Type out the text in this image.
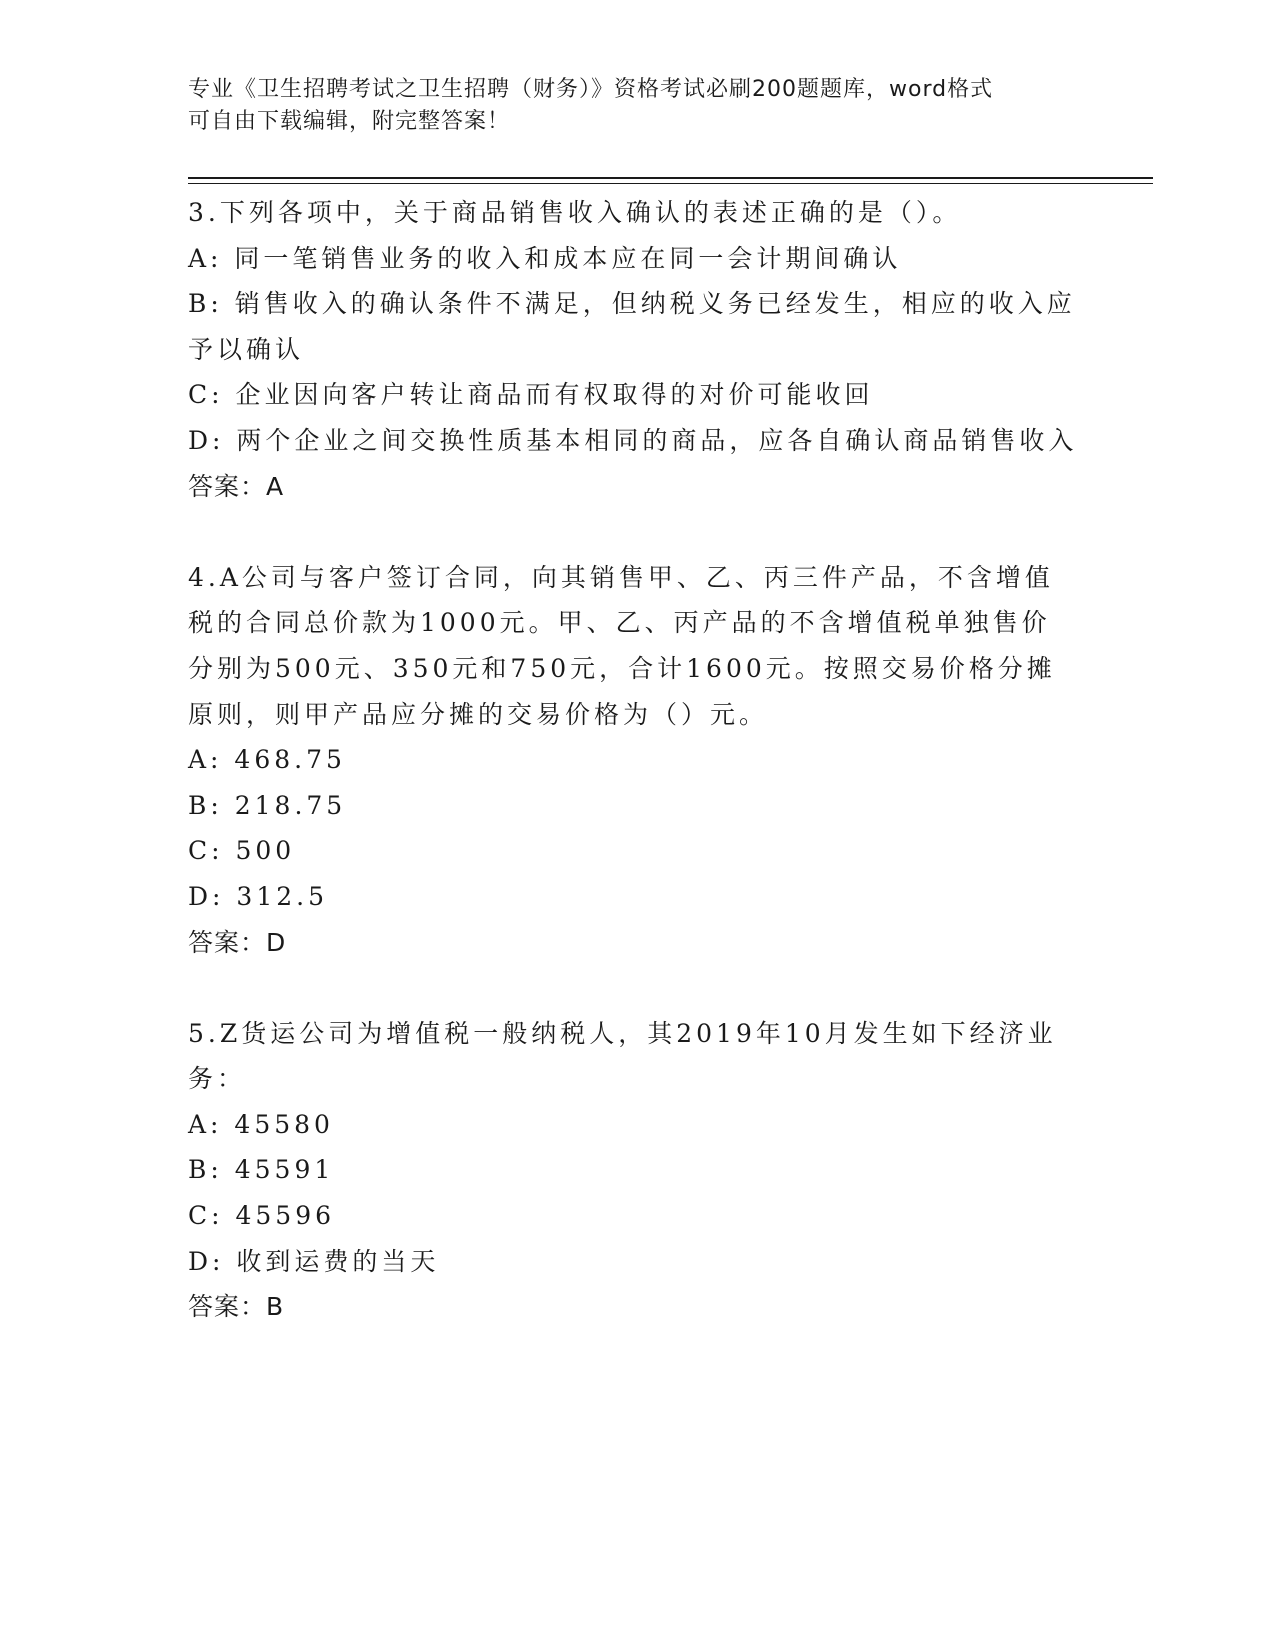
专业《卫生招聘考试之卫生招聘（财务）》资格考试必刷200题题库，word格式
可自由下载编辑，附完整答案！
3.下列各项中，关于商品销售收入确认的表述正确的是（）。
A: 同一笔销售业务的收入和成本应在同一会计期间确认
B: 销售收入的确认条件不满足，但纳税义务已经发生，相应的收入应予以确认
C: 企业因向客户转让商品而有权取得的对价可能收回
D: 两个企业之间交换性质基本相同的商品，应各自确认商品销售收入
答案：A
4.A公司与客户签订合同，向其销售甲、乙、丙三件产品，不含增值税的合同总价款为1000元。甲、乙、丙产品的不含增值税单独售价分别为500元、350元和750元，合计1600元。按照交易价格分摊原则，则甲产品应分摊的交易价格为（）元。
A: 468.75
B: 218.75
C: 500
D: 312.5
答案：D
5.Z货运公司为增值税一般纳税人，其2019年10月发生如下经济业务：
A: 45580
B: 45591
C: 45596
D: 收到运费的当天
答案：B
